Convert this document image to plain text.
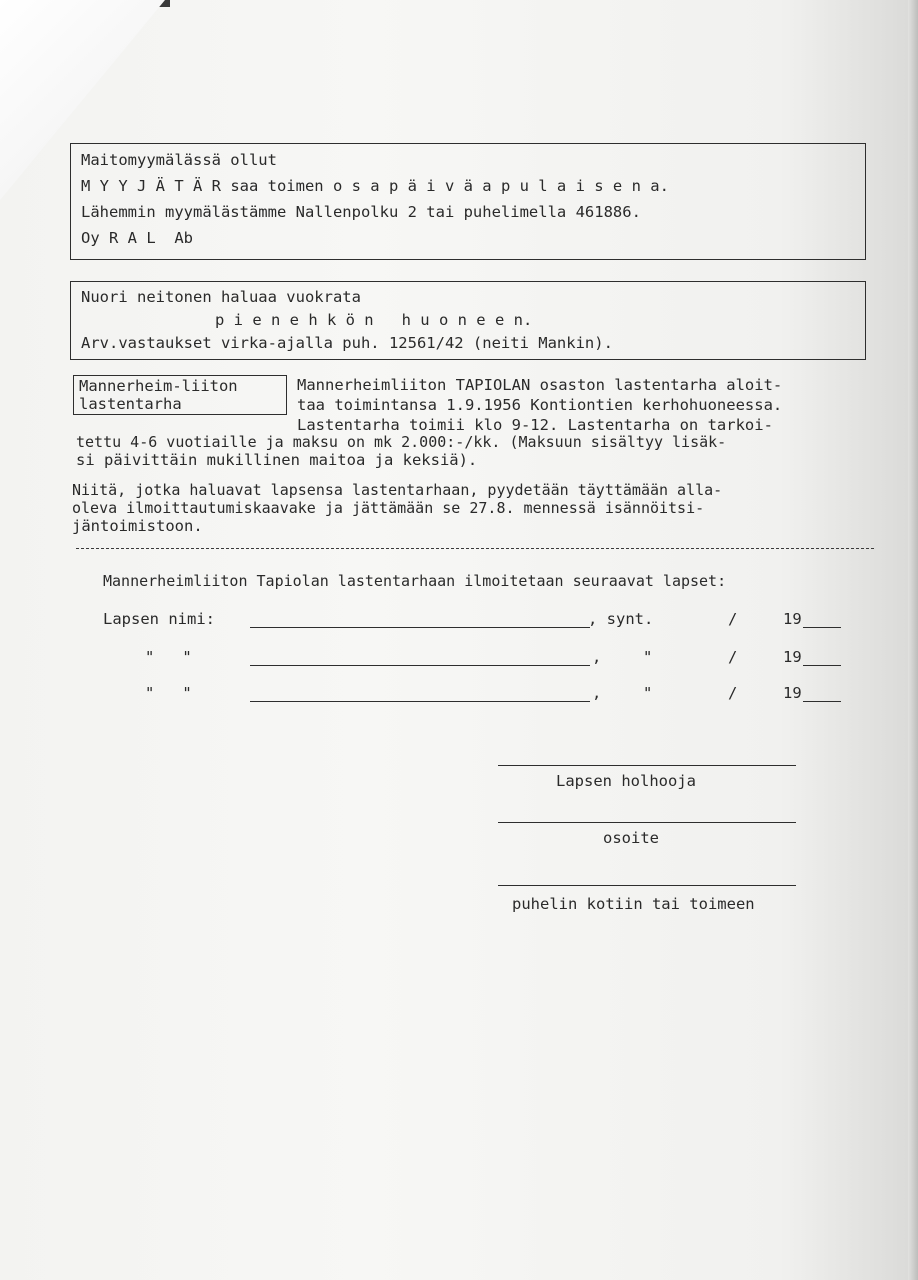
Maitomyymälässä ollut
M Y Y J Ä T Ä R saa toimen o s a p ä i v ä a p u l a i s e n a.
Lähemmin myymälästämme Nallenpolku 2 tai puhelimella 461886.
Oy R A L  Ab
Nuori neitonen haluaa vuokrata
p i e n e h k ö n   h u o n e e n.
Arv.vastaukset virka-ajalla puh. 12561/42 (neiti Mankin).
Mannerheim-liiton
lastentarha
Mannerheimliiton TAPIOLAN osaston lastentarha aloit-
taa toimintansa 1.9.1956 Kontiontien kerhohuoneessa.
Lastentarha toimii klo 9-12. Lastentarha on tarkoi-
tettu 4-6 vuotiaille ja maksu on mk 2.000:-/kk. (Maksuun sisältyy lisäk-
si päivittäin mukillinen maitoa ja keksiä).
Niitä, jotka haluavat lapsensa lastentarhaan, pyydetään täyttämään alla-
oleva ilmoittautumiskaavake ja jättämään se 27.8. mennessä isännöitsi-
jäntoimistoon.
Mannerheimliiton Tapiolan lastentarhaan ilmoitetaan seuraavat lapset:
Lapsen nimi:	, synt.	/	19
"   "	,	"	/	19
"   "	,	"	/	19
Lapsen holhooja
osoite
puhelin kotiin tai toimeen
